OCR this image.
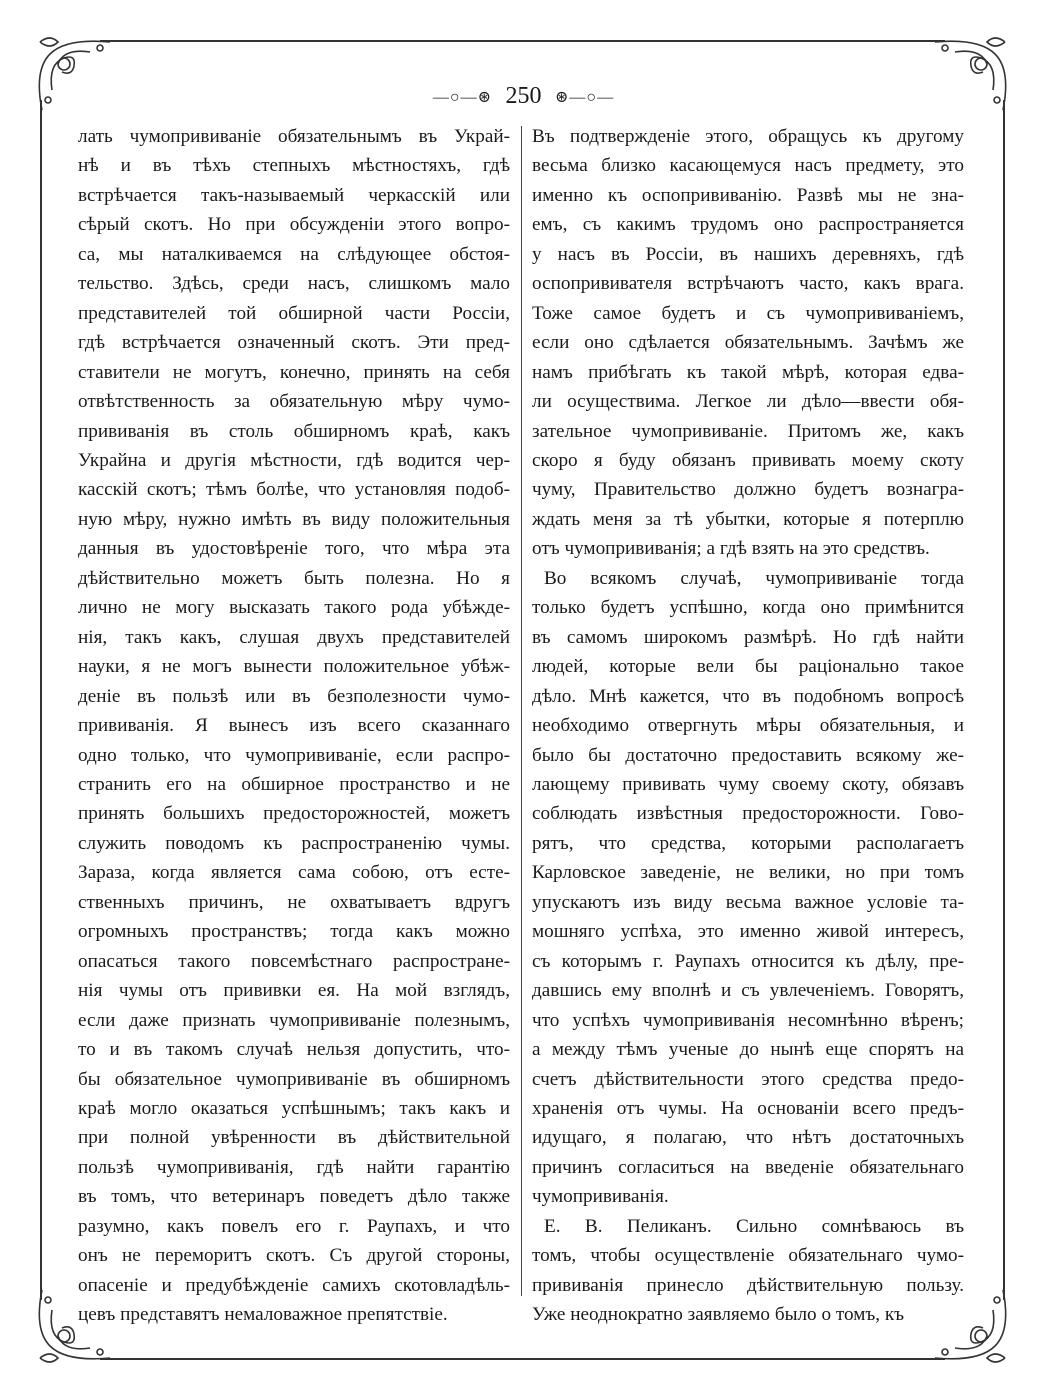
—○—⊛ 250 ⊛—○—
лать чумопрививаніе обязательнымъ въ Украй-
нѣ и въ тѣхъ степныхъ мѣстностяхъ, гдѣ
встрѣчается такъ-называемый черкасскій или
сѣрый скотъ. Но при обсужденіи этого вопро-
са, мы наталкиваемся на слѣдующее обстоя-
тельство. Здѣсь, среди насъ, слишкомъ мало
представителей той обширной части Россіи,
гдѣ встрѣчается означенный скотъ. Эти пред-
ставители не могутъ, конечно, принять на себя
отвѣтственность за обязательную мѣру чумо-
прививанія въ столь обширномъ краѣ, какъ
Украйна и другія мѣстности, гдѣ водится чер-
касскій скотъ; тѣмъ болѣе, что установляя подоб-
ную мѣру, нужно имѣть въ виду положительныя
данныя въ удостовѣреніе того, что мѣра эта
дѣйствительно можетъ быть полезна. Но я
лично не могу высказать такого рода убѣжде-
нія, такъ какъ, слушая двухъ представителей
науки, я не могъ вынести положительное убѣж-
деніе въ пользѣ или въ безполезности чумо-
прививанія. Я вынесъ изъ всего сказаннаго
одно только, что чумопрививаніе, если распро-
странить его на обширное пространство и не
принять большихъ предосторожностей, можетъ
служить поводомъ къ распространенію чумы.
Зараза, когда является сама собою, отъ есте-
ственныхъ причинъ, не охватываетъ вдругъ
огромныхъ пространствъ; тогда какъ можно
опасаться такого повсемѣстнаго распростране-
нія чумы отъ прививки ея. На мой взглядъ,
если даже признать чумопрививаніе полезнымъ,
то и въ такомъ случаѣ нельзя допустить, что-
бы обязательное чумопрививаніе въ обширномъ
краѣ могло оказаться успѣшнымъ; такъ какъ и
при полной увѣренности въ дѣйствительной
пользѣ чумопрививанія, гдѣ найти гарантію
въ томъ, что ветеринаръ поведетъ дѣло также
разумно, какъ повелъ его г. Раупахъ, и что
онъ не переморитъ скотъ. Съ другой стороны,
опасеніе и предубѣжденіе самихъ скотовладѣль-
цевъ представятъ немаловажное препятствіе.
Въ подтвержденіе этого, обращусь къ другому
весьма близко касающемуся насъ предмету, это
именно къ оспопрививанію. Развѣ мы не зна-
емъ, съ какимъ трудомъ оно распространяется
у насъ въ Россіи, въ нашихъ деревняхъ, гдѣ
оспопрививателя встрѣчаютъ часто, какъ врага.
Тоже самое будетъ и съ чумопрививаніемъ,
если оно сдѣлается обязательнымъ. Зачѣмъ же
намъ прибѣгать къ такой мѣрѣ, которая едва-
ли осуществима. Легкое ли дѣло—ввести обя-
зательное чумопрививаніе. Притомъ же, какъ
скоро я буду обязанъ прививать моему скоту
чуму, Правительство должно будетъ вознагра-
ждать меня за тѣ убытки, которые я потерплю
отъ чумопрививанія; а гдѣ взять на это средствъ.
Во всякомъ случаѣ, чумопрививаніе тогда
только будетъ успѣшно, когда оно примѣнится
въ самомъ широкомъ размѣрѣ. Но гдѣ найти
людей, которые вели бы раціонально такое
дѣло. Мнѣ кажется, что въ подобномъ вопросѣ
необходимо отвергнуть мѣры обязательныя, и
было бы достаточно предоставить всякому же-
лающему прививать чуму своему скоту, обязавъ
соблюдать извѣстныя предосторожности. Гово-
рятъ, что средства, которыми располагаетъ
Карловское заведеніе, не велики, но при томъ
упускаютъ изъ виду весьма важное условіе та-
мошняго успѣха, это именно живой интересъ,
съ которымъ г. Раупахъ относится къ дѣлу, пре-
давшись ему вполнѣ и съ увлеченіемъ. Говорятъ,
что успѣхъ чумопрививанія несомнѣнно вѣренъ;
а между тѣмъ ученые до нынѣ еще спорятъ на
счетъ дѣйствительности этого средства предо-
храненія отъ чумы. На основаніи всего предъ-
идущаго, я полагаю, что нѣтъ достаточныхъ
причинъ согласиться на введеніе обязательнаго
чумопрививанія.
Е. В. Пеликанъ. Сильно сомнѣваюсь въ
томъ, чтобы осуществленіе обязательнаго чумо-
прививанія принесло дѣйствительную пользу.
Уже неоднократно заявляемо было о томъ, къ
